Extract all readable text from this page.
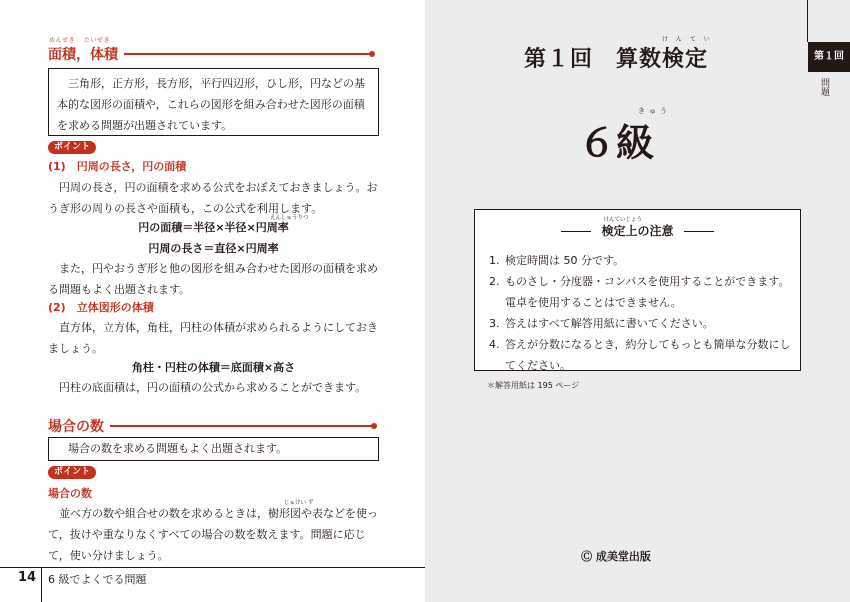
めんせき　 たいせき
面積，体積

三角形，正方形，長方形，平行四辺形，ひし形，円などの基本的な図形の面積や，これらの図形を組み合わせた図形の面積を求める問題が出題されています。

ポイント
(1)　円周の長さ，円の面積

円周の長さ，円の面積を求める公式をおぼえておきましょう。おうぎ形の周りの長さや面積も，この公式を利用します。

円の面積＝半径×半径×円周率
えんしゅうりつ
円周の長さ＝直径×円周率

また，円やおうぎ形と他の図形を組み合わせた図形の面積を求める問題もよく出題されます。

(2)　立体図形の体積

直方体，立方体，角柱，円柱の体積が求められるようにしておきましょう。

角柱・円柱の体積＝底面積×高さ

円柱の底面積は，円の面積の公式から求めることができます。

場合の数

場合の数を求める問題もよく出題されます。

ポイント
場合の数
じゅけい ず

並べ方の数や組合せの数を求めるときは，樹形図や表などを使って，抜けや重なりなくすべての場合の数を数えます。問題に応じて，使い分けましょう。

14 6 級でよくでる問題
第１回
問題
け ん て い
第１回　算数検定
きゅう
６級
けんていじょう
検定上の注意
1. 検定時間は 50 分です。
2. ものさし・分度器・コンパスを使用することができます。電卓を使用することはできません。
3. 答えはすべて解答用紙に書いてください。
4. 答えが分数になるとき，約分してもっとも簡単な分数にしてください。
＊解答用紙は 195 ページ
Ⓒ 成美堂出版
